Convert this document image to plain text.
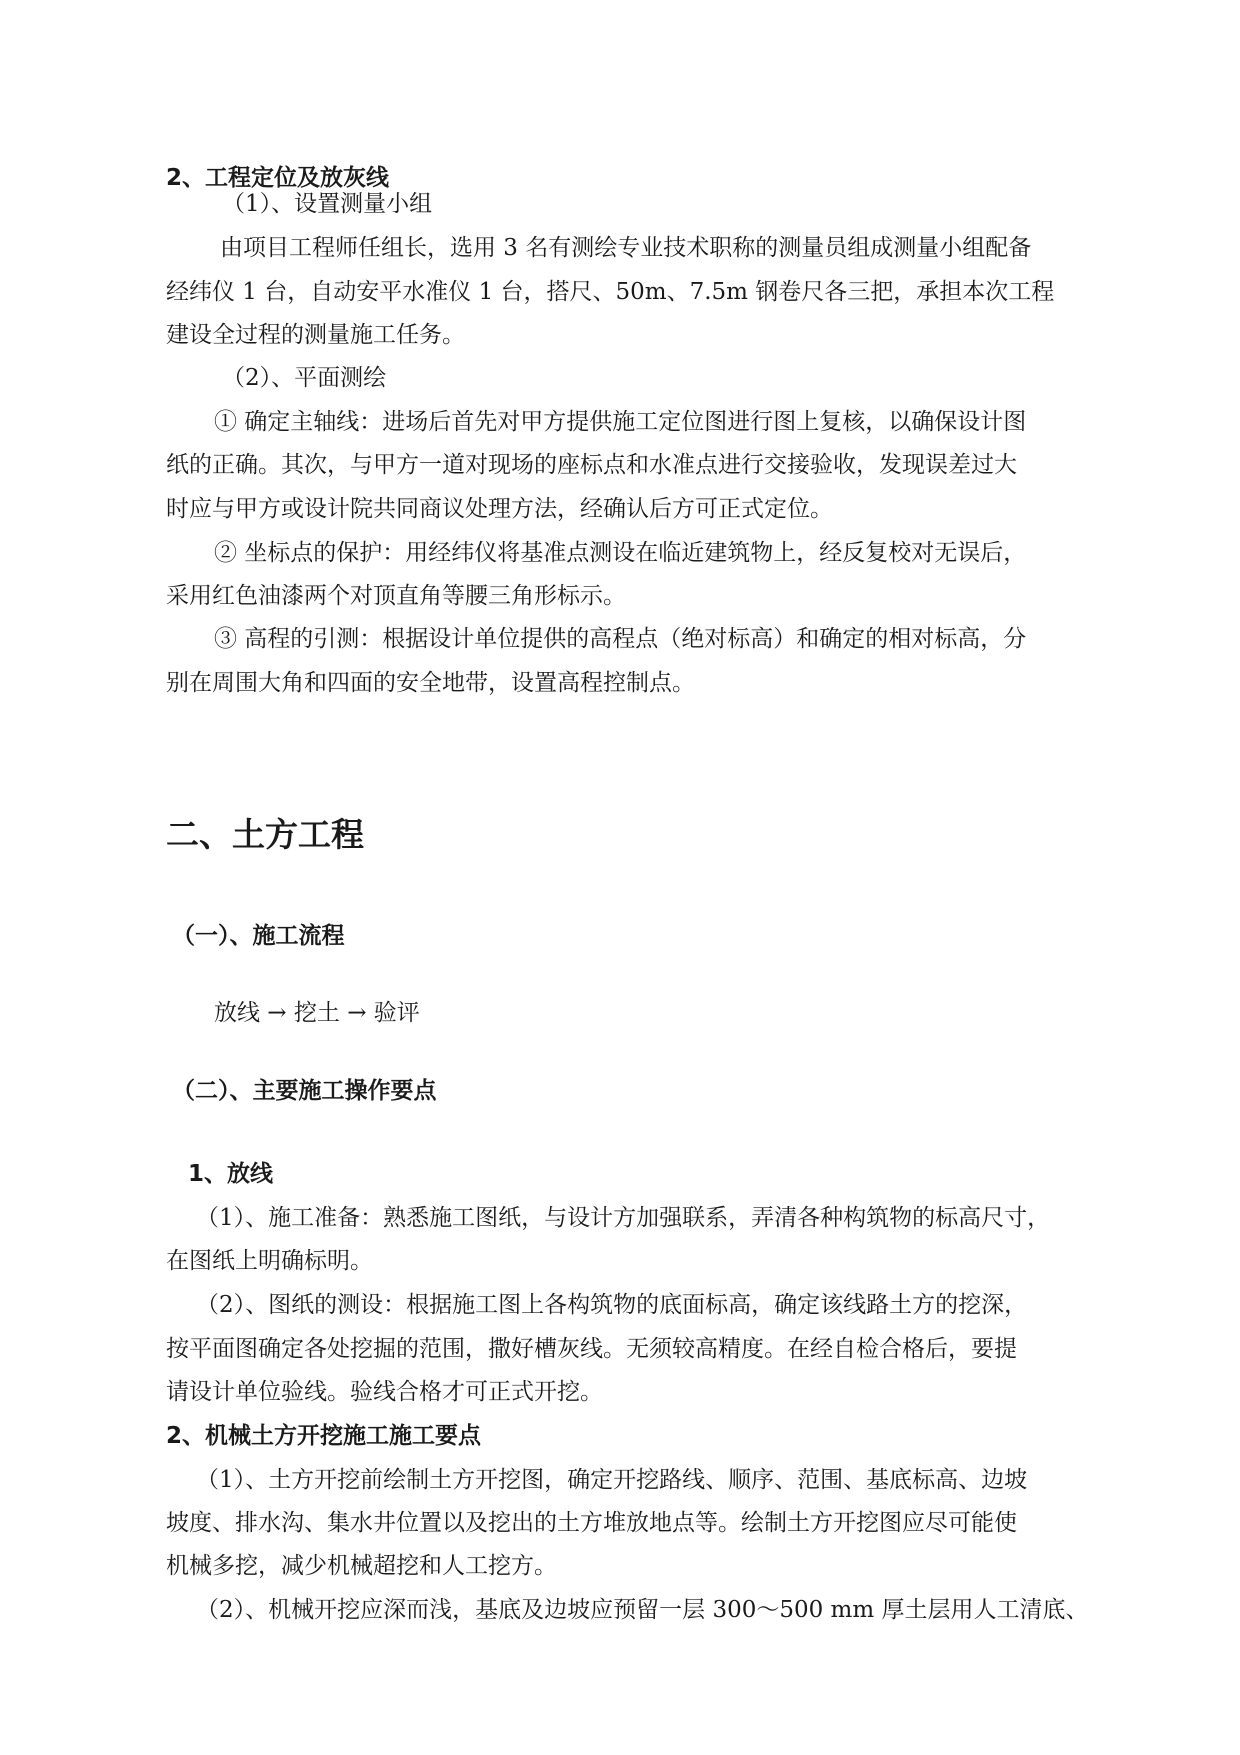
2、工程定位及放灰线

（1）、设置测量小组

由项目工程师任组长，选用 3 名有测绘专业技术职称的测量员组成测量小组配备

经纬仪 1 台，自动安平水准仪 1 台，搭尺、50m、7.5m 钢卷尺各三把，承担本次工程

建设全过程的测量施工任务。

（2）、平面测绘

① 确定主轴线：进场后首先对甲方提供施工定位图进行图上复核，以确保设计图

纸的正确。其次，与甲方一道对现场的座标点和水准点进行交接验收，发现误差过大

时应与甲方或设计院共同商议处理方法，经确认后方可正式定位。

② 坐标点的保护：用经纬仪将基准点测设在临近建筑物上，经反复校对无误后，

采用红色油漆两个对顶直角等腰三角形标示。

③ 高程的引测：根据设计单位提供的高程点（绝对标高）和确定的相对标高，分

别在周围大角和四面的安全地带，设置高程控制点。

二、土方工程

（一）、施工流程

放线 → 挖土 → 验评

（二）、主要施工操作要点

1、放线

（1）、施工准备：熟悉施工图纸，与设计方加强联系，弄清各种构筑物的标高尺寸，

在图纸上明确标明。

（2）、图纸的测设：根据施工图上各构筑物的底面标高，确定该线路土方的挖深，

按平面图确定各处挖掘的范围，撒好槽灰线。无须较高精度。在经自检合格后，要提

请设计单位验线。验线合格才可正式开挖。

2、机械土方开挖施工施工要点

（1）、土方开挖前绘制土方开挖图，确定开挖路线、顺序、范围、基底标高、边坡

坡度、排水沟、集水井位置以及挖出的土方堆放地点等。绘制土方开挖图应尽可能使

机械多挖，减少机械超挖和人工挖方。

（2）、机械开挖应深而浅，基底及边坡应预留一层 300～500 mm 厚土层用人工清底、
